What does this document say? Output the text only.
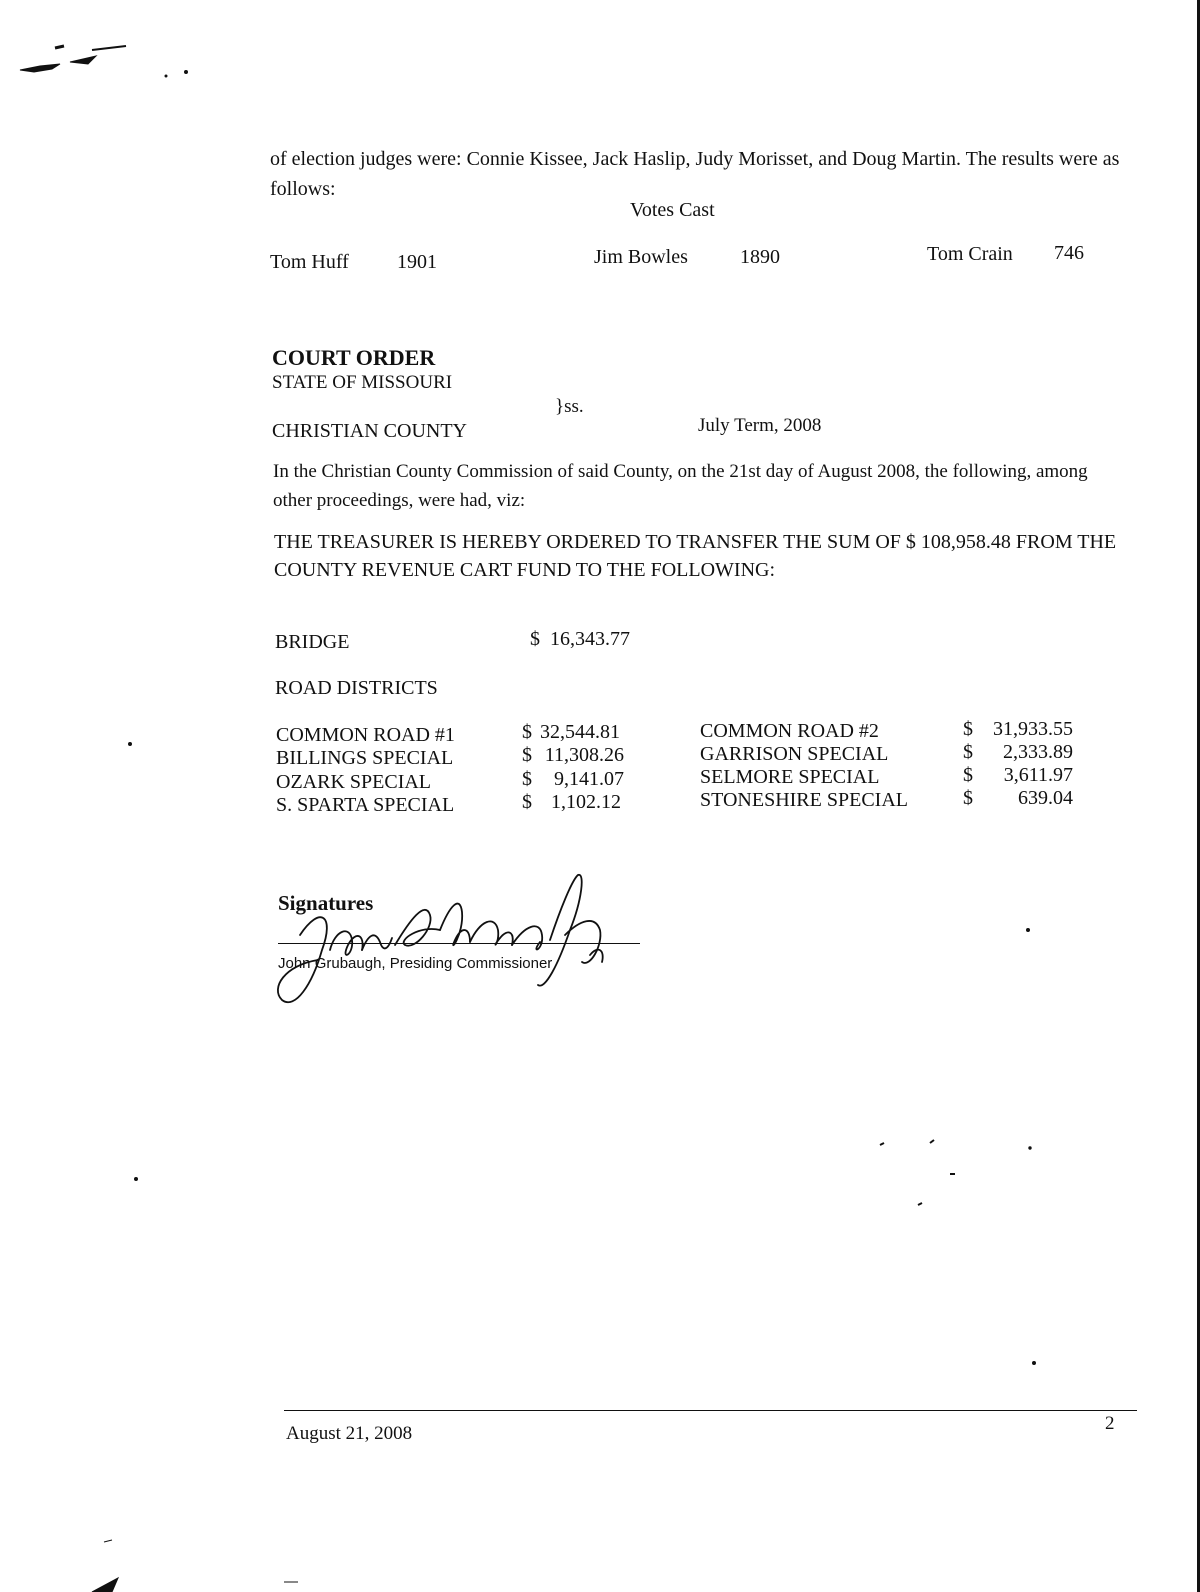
of election judges were: Connie Kissee, Jack Haslip, Judy Morisset, and Doug Martin. The results were as
follows:
Votes Cast
Tom Huff 1901	Jim Bowles	1890	Tom Crain 746
COURT ORDER
STATE OF MISSOURI
}ss.
CHRISTIAN COUNTY	July Term, 2008
In the Christian County Commission of said County, on the 21st day of August 2008, the following, among
other proceedings, were had, viz:
THE TREASURER IS HEREBY ORDERED TO TRANSFER THE SUM OF $ 108,958.48 FROM THE
COUNTY REVENUE CART FUND TO THE FOLLOWING:
BRIDGE	$ 16,343.77
ROAD DISTRICTS
COMMON ROAD #1	$ 32,544.81
BILLINGS SPECIAL	$ 11,308.26
OZARK SPECIAL	$	9,141.07
S. SPARTA SPECIAL	$ 1,102.12
COMMON ROAD #2	$	31,933.55
GARRISON SPECIAL	$	2,333.89
SELMORE SPECIAL	$	3,611.97
STONESHIRE SPECIAL	$	639.04
Signatures
John Grubaugh, Presiding Commissioner
August 21, 2008	2
